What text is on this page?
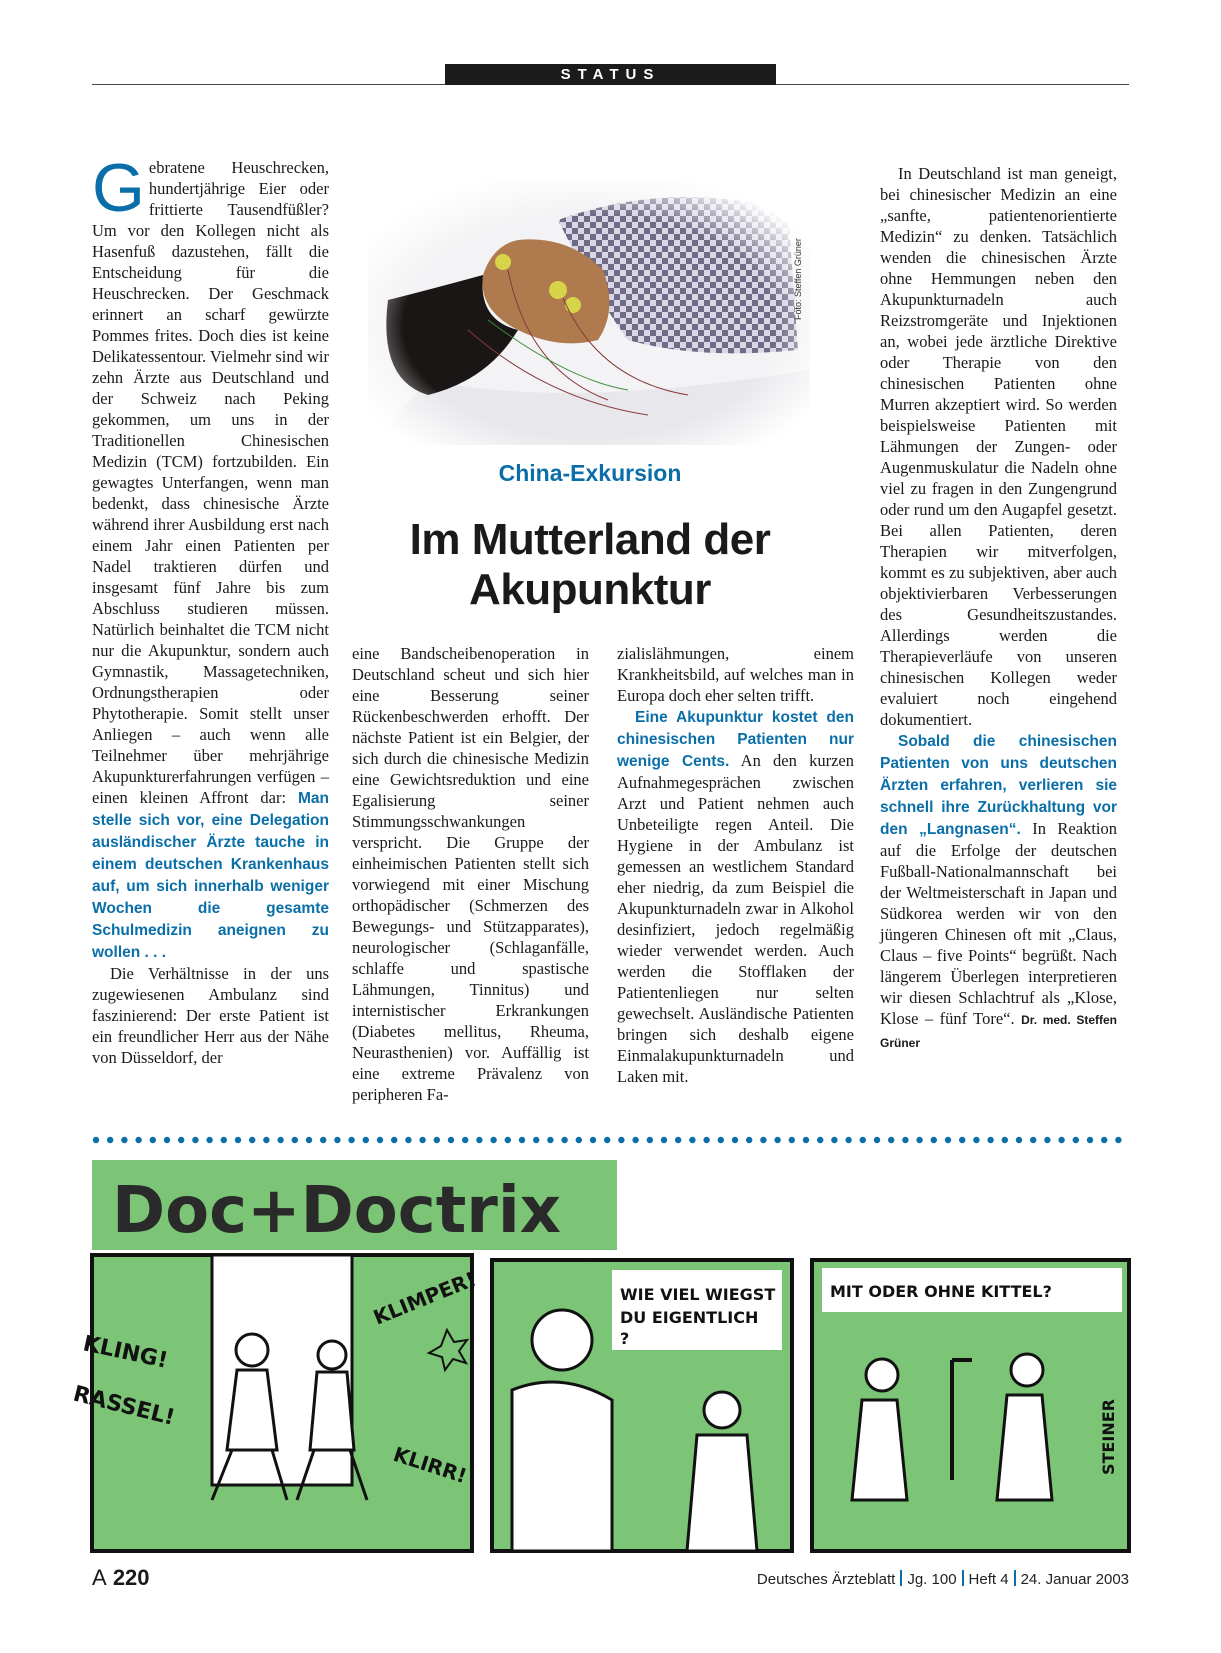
STATUS

Gebratene Heuschrecken, hundertjährige Eier oder frittierte Tausendfüßler? Um vor den Kollegen nicht als Hasenfuß dazustehen, fällt die Entscheidung für die Heuschrecken. Der Geschmack erinnert an scharf gewürzte Pommes frites. Doch dies ist keine Delikatessentour. Vielmehr sind wir zehn Ärzte aus Deutschland und der Schweiz nach Peking gekommen, um uns in der Traditionellen Chinesischen Medizin (TCM) fortzubilden. Ein gewagtes Unterfangen, wenn man bedenkt, dass chinesische Ärzte während ihrer Ausbildung erst nach einem Jahr einen Patienten per Nadel traktieren dürfen und insgesamt fünf Jahre bis zum Abschluss studieren müssen. Natürlich beinhaltet die TCM nicht nur die Akupunktur, sondern auch Gymnastik, Massagetechniken, Ordnungstherapien oder Phytotherapie. Somit stellt unser Anliegen – auch wenn alle Teilnehmer über mehrjährige Akupunkturerfahrungen verfügen – einen kleinen Affront dar: Man stelle sich vor, eine Delegation ausländischer Ärzte tauche in einem deutschen Krankenhaus auf, um sich innerhalb weniger Wochen die gesamte Schulmedizin aneignen zu wollen . . .

Die Verhältnisse in der uns zugewiesenen Ambulanz sind faszinierend: Der erste Patient ist ein freundlicher Herr aus der Nähe von Düsseldorf, der

Foto: Steffen Grüner
China-Exkursion
Im Mutterland der
Akupunktur

eine Bandscheibenoperation in Deutschland scheut und sich hier eine Besserung seiner Rückenbeschwerden erhofft. Der nächste Patient ist ein Belgier, der sich durch die chinesische Medizin eine Gewichtsreduktion und eine Egalisierung seiner Stimmungsschwankungen verspricht. Die Gruppe der einheimischen Patienten stellt sich vorwiegend mit einer Mischung orthopädischer (Schmerzen des Bewegungs- und Stützapparates), neurologischer (Schlaganfälle, schlaffe und spastische Lähmungen, Tinnitus) und internistischer Erkrankungen (Diabetes mellitus, Rheuma, Neurasthenien) vor. Auffällig ist eine extreme Prävalenz von peripheren Fa-

zialislähmungen, einem Krankheitsbild, auf welches man in Europa doch eher selten trifft.

Eine Akupunktur kostet den chinesischen Patienten nur wenige Cents. An den kurzen Aufnahmegesprächen zwischen Arzt und Patient nehmen auch Unbeteiligte regen Anteil. Die Hygiene in der Ambulanz ist gemessen an westlichem Standard eher niedrig, da zum Beispiel die Akupunkturnadeln zwar in Alkohol desinfiziert, jedoch regelmäßig wieder verwendet werden. Auch werden die Stofflaken der Patientenliegen nur selten gewechselt. Ausländische Patienten bringen sich deshalb eigene Einmalakupunkturnadeln und Laken mit.

In Deutschland ist man geneigt, bei chinesischer Medizin an eine „sanfte, patientenorientierte Medizin“ zu denken. Tatsächlich wenden die chinesischen Ärzte ohne Hemmungen neben den Akupunkturnadeln auch Reizstromgeräte und Injektionen an, wobei jede ärztliche Direktive oder Therapie von den chinesischen Patienten ohne Murren akzeptiert wird. So werden beispielsweise Patienten mit Lähmungen der Zungen- oder Augenmuskulatur die Nadeln ohne viel zu fragen in den Zungengrund oder rund um den Augapfel gesetzt. Bei allen Patienten, deren Therapien wir mitverfolgen, kommt es zu subjektiven, aber auch objektivierbaren Verbesserungen des Gesundheitszustandes. Allerdings werden die Therapieverläufe von unseren chinesischen Kollegen weder evaluiert noch eingehend dokumentiert.

Sobald die chinesischen Patienten von uns deutschen Ärzten erfahren, verlieren sie schnell ihre Zurückhaltung vor den „Langnasen“. In Reaktion auf die Erfolge der deutschen Fußball-Nationalmannschaft bei der Weltmeisterschaft in Japan und Südkorea werden wir von den jüngeren Chinesen oft mit „Claus, Claus – five Points“ begrüßt. Nach längerem Überlegen interpretieren wir diesen Schlachtruf als „Klose, Klose – fünf Tore“. Dr. med. Steffen Grüner

Doc+Doctrix
KLING!
RASSEL!
KLIMPER!
KLIRR!
WIE VIEL WIEGST
DU EIGENTLICH
?
MIT ODER OHNE KITTEL?
STEINER
A 220	Deutsches Ärzteblatt Jg. 100 Heft 4 24. Januar 2003
